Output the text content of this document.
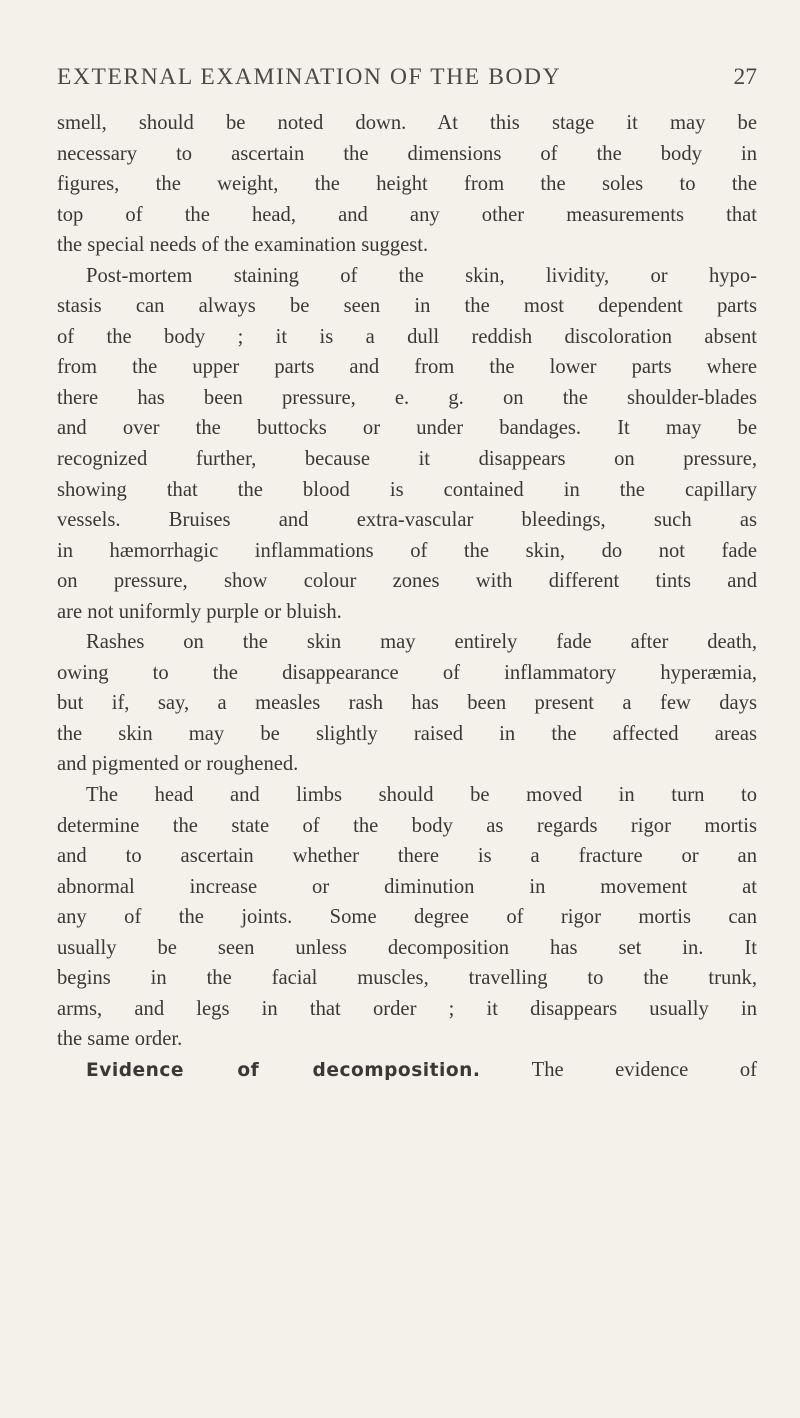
EXTERNAL EXAMINATION OF THE BODY	27
smell, should be noted down. At this stage it may be
necessary to ascertain the dimensions of the body in
figures, the weight, the height from the soles to the
top of the head, and any other measurements that
the special needs of the examination suggest.
Post-mortem staining of the skin, lividity, or hypo-
stasis can always be seen in the most dependent parts
of the body ; it is a dull reddish discoloration absent
from the upper parts and from the lower parts where
there has been pressure, e. g. on the shoulder-blades
and over the buttocks or under bandages. It may be
recognized further, because it disappears on pressure,
showing that the blood is contained in the capillary
vessels. Bruises and extra-vascular bleedings, such as
in hæmorrhagic inflammations of the skin, do not fade
on pressure, show colour zones with different tints and
are not uniformly purple or bluish.
Rashes on the skin may entirely fade after death,
owing to the disappearance of inflammatory hyperæmia,
but if, say, a measles rash has been present a few days
the skin may be slightly raised in the affected areas
and pigmented or roughened.
The head and limbs should be moved in turn to
determine the state of the body as regards rigor mortis
and to ascertain whether there is a fracture or an
abnormal increase or diminution in movement at
any of the joints. Some degree of rigor mortis can
usually be seen unless decomposition has set in. It
begins in the facial muscles, travelling to the trunk,
arms, and legs in that order ; it disappears usually in
the same order.
Evidence of decomposition. The evidence of
